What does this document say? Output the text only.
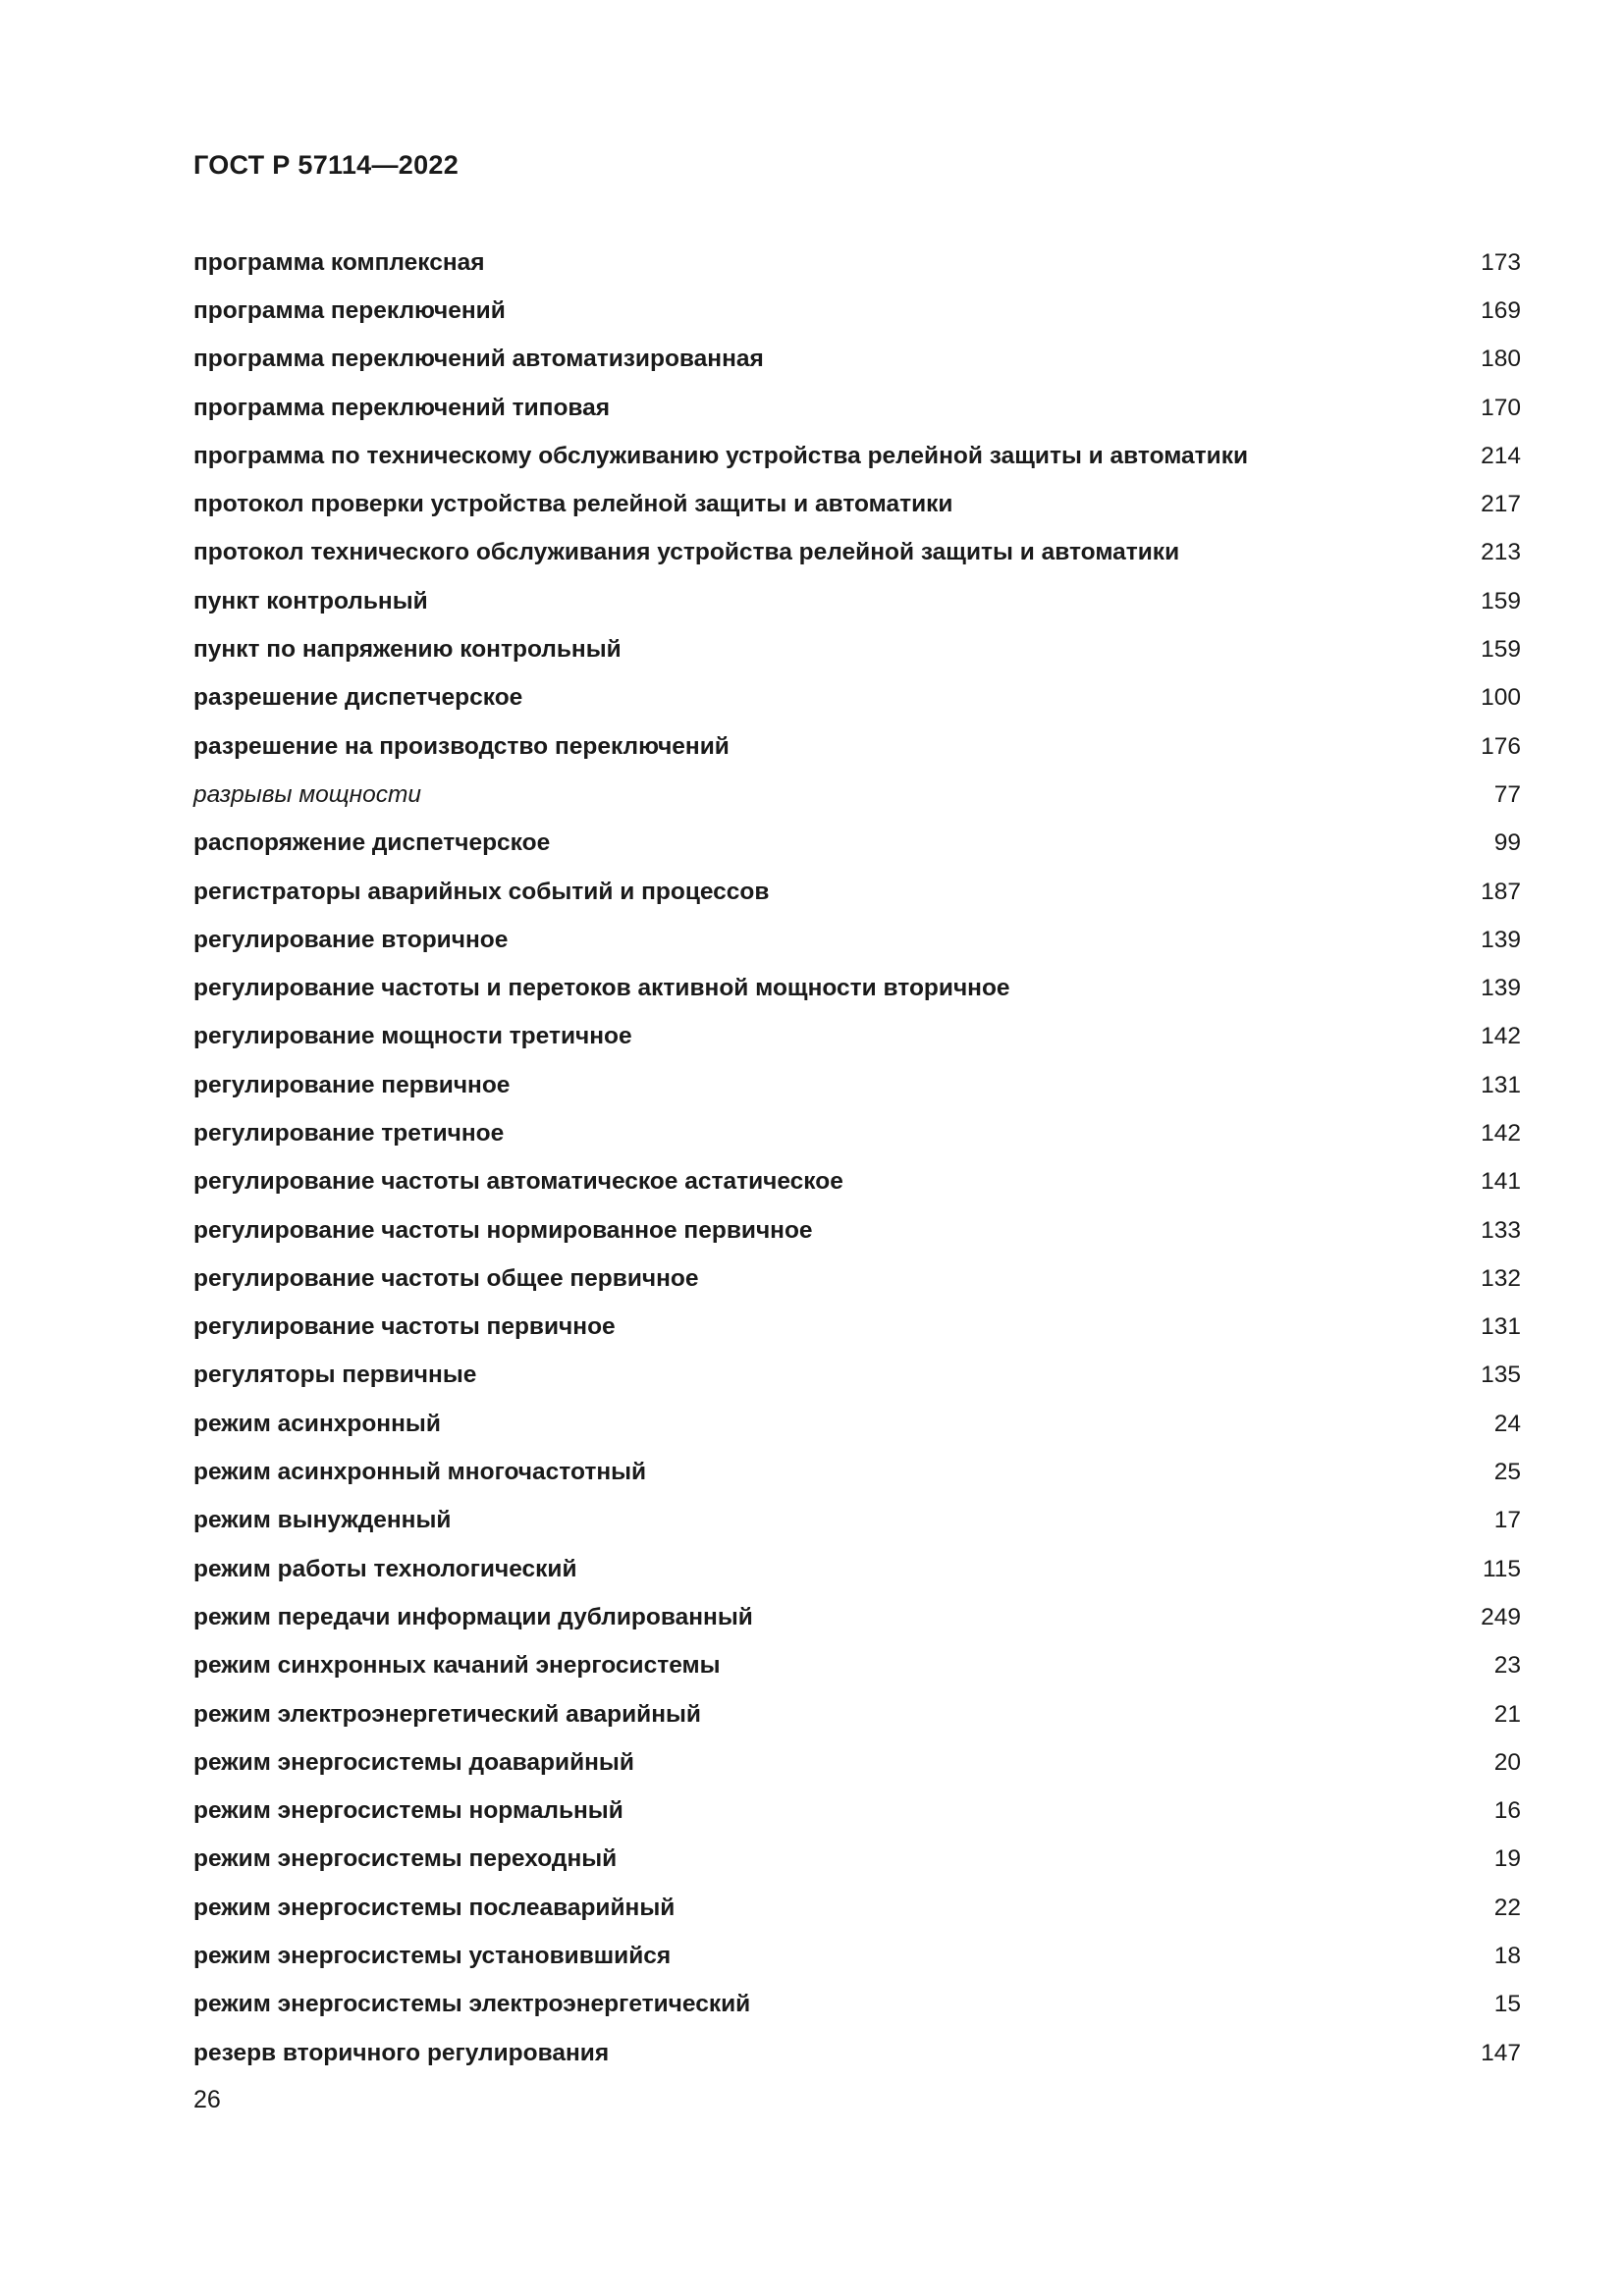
ГОСТ Р 57114—2022
программа комплексная	173
программа переключений	169
программа переключений автоматизированная	180
программа переключений типовая	170
программа по техническому обслуживанию устройства релейной защиты и автоматики	214
протокол проверки устройства релейной защиты и автоматики	217
протокол технического обслуживания устройства релейной защиты и автоматики	213
пункт контрольный	159
пункт по напряжению контрольный	159
разрешение диспетчерское	100
разрешение на производство переключений	176
разрывы мощности	77
распоряжение диспетчерское	99
регистраторы аварийных событий и процессов	187
регулирование вторичное	139
регулирование частоты и перетоков активной мощности вторичное	139
регулирование мощности третичное	142
регулирование первичное	131
регулирование третичное	142
регулирование частоты автоматическое астатическое	141
регулирование частоты нормированное первичное	133
регулирование частоты общее первичное	132
регулирование частоты первичное	131
регуляторы первичные	135
режим асинхронный	24
режим асинхронный многочастотный	25
режим вынужденный	17
режим работы технологический	115
режим передачи информации дублированный	249
режим синхронных качаний энергосистемы	23
режим электроэнергетический аварийный	21
режим энергосистемы доаварийный	20
режим энергосистемы нормальный	16
режим энергосистемы переходный	19
режим энергосистемы послеаварийный	22
режим энергосистемы установившийся	18
режим энергосистемы электроэнергетический	15
резерв вторичного регулирования	147
26
